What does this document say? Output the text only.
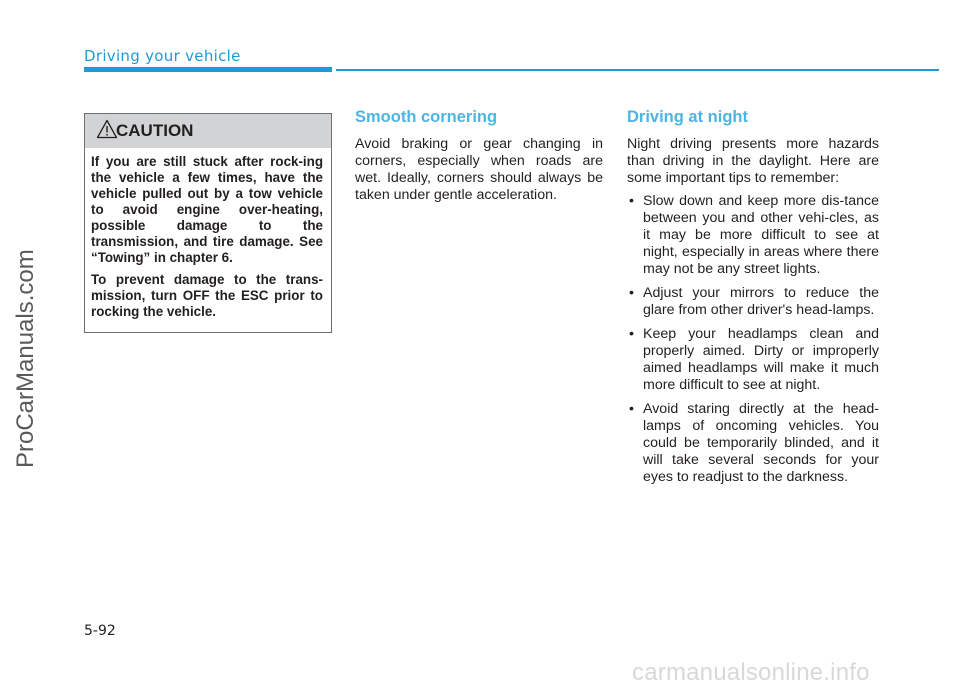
Driving your vehicle
ProCarManuals.com
CAUTION

If you are still stuck after rock-ing the vehicle a few times, have the vehicle pulled out by a tow vehicle to avoid engine over-heating, possible damage to the transmission, and tire damage. See “Towing” in chapter 6.

To prevent damage to the trans-mission, turn OFF the ESC prior to rocking the vehicle.

Smooth cornering

Avoid braking or gear changing in corners, especially when roads are wet. Ideally, corners should always be taken under gentle acceleration.

Driving at night

Night driving presents more hazards than driving in the daylight. Here are some important tips to remember:

• Slow down and keep more dis-tance between you and other vehi-cles, as it may be more difficult to see at night, especially in areas where there may not be any street lights.
• Adjust your mirrors to reduce the glare from other driver's head-lamps.
• Keep your headlamps clean and properly aimed. Dirty or improperly aimed headlamps will make it much more difficult to see at night.
• Avoid staring directly at the head-lamps of oncoming vehicles. You could be temporarily blinded, and it will take several seconds for your eyes to readjust to the darkness.
5-92
carmanualsonline.info
